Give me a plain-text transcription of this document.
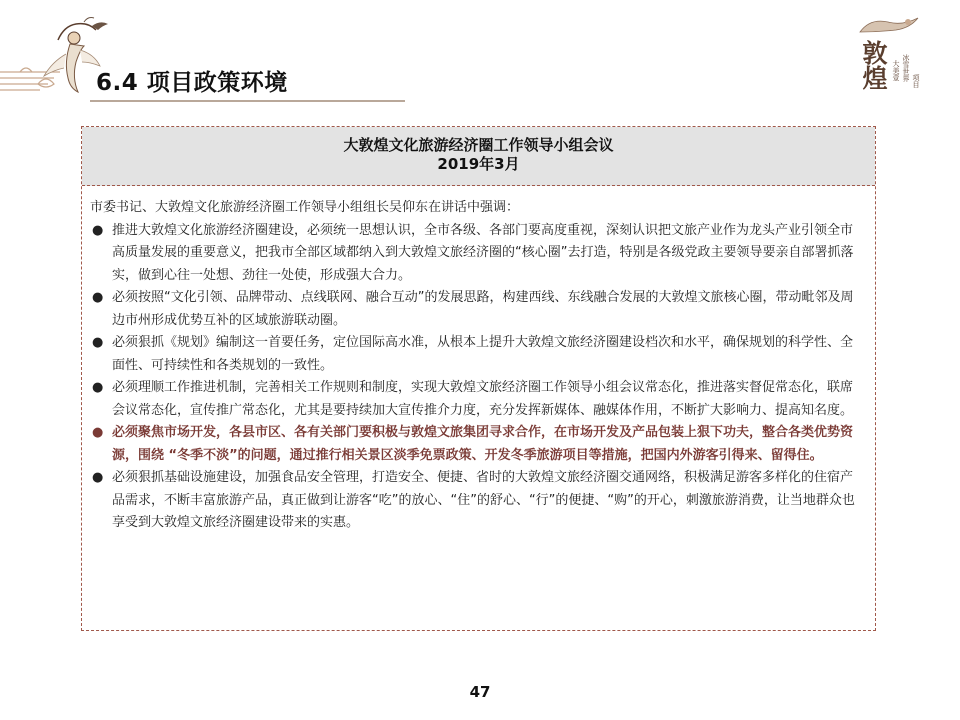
6.4 项目政策环境	敦煌 大美壹 冰雪世界 项目
大敦煌文化旅游经济圈工作领导小组会议
2019年3月

市委书记、大敦煌文化旅游经济圈工作领导小组组长吴仰东在讲话中强调：

● 推进大敦煌文化旅游经济圈建设，必须统一思想认识，全市各级、各部门要高度重视，深刻认识把文旅产业作为龙头产业引领全市高质量发展的重要意义，把我市全部区域都纳入到大敦煌文旅经济圈的“核心圈”去打造，特别是各级党政主要领导要亲自部署抓落实，做到心往一处想、劲往一处使，形成强大合力。
● 必须按照“文化引领、品牌带动、点线联网、融合互动”的发展思路，构建西线、东线融合发展的大敦煌文旅核心圈，带动毗邻及周边市州形成优势互补的区域旅游联动圈。
● 必须狠抓《规划》编制这一首要任务，定位国际高水准，从根本上提升大敦煌文旅经济圈建设档次和水平，确保规划的科学性、全面性、可持续性和各类规划的一致性。
● 必须理顺工作推进机制，完善相关工作规则和制度，实现大敦煌文旅经济圈工作领导小组会议常态化，推进落实督促常态化，联席会议常态化，宣传推广常态化，尤其是要持续加大宣传推介力度，充分发挥新媒体、融媒体作用，不断扩大影响力、提高知名度。
● 必须聚焦市场开发，各县市区、各有关部门要积极与敦煌文旅集团寻求合作，在市场开发及产品包装上狠下功夫，整合各类优势资源，围绕 “冬季不淡”的问题，通过推行相关景区淡季免票政策、开发冬季旅游项目等措施，把国内外游客引得来、留得住。
● 必须狠抓基础设施建设，加强食品安全管理，打造安全、便捷、省时的大敦煌文旅经济圈交通网络，积极满足游客多样化的住宿产品需求，不断丰富旅游产品，真正做到让游客“吃”的放心、“住”的舒心、“行”的便捷、“购”的开心，刺激旅游消费，让当地群众也享受到大敦煌文旅经济圈建设带来的实惠。
47
